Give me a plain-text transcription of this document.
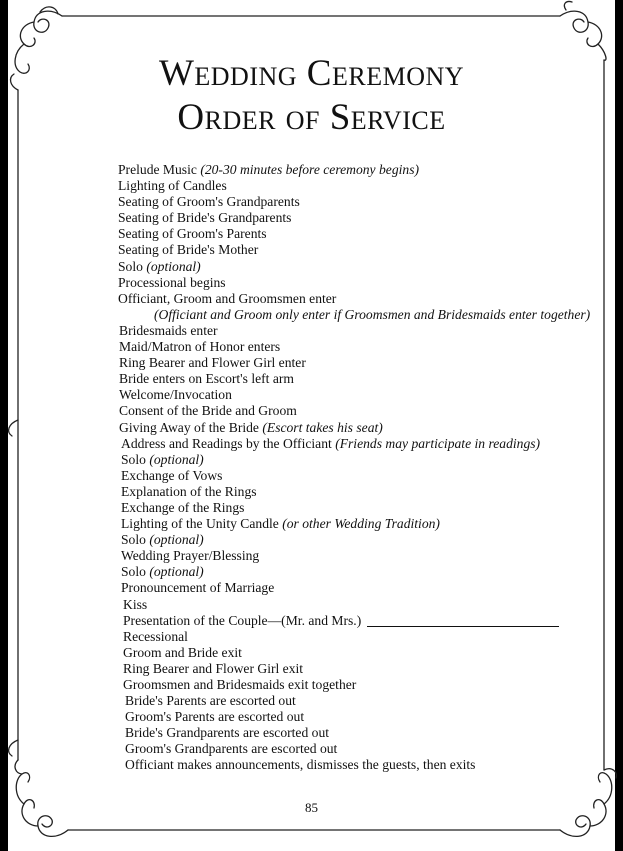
Wedding Ceremony
Order of Service
Prelude Music (20-30 minutes before ceremony begins)
Lighting of Candles
Seating of Groom's Grandparents
Seating of Bride's Grandparents
Seating of Groom's Parents
Seating of Bride's Mother
Solo (optional)
Processional begins
Officiant, Groom and Groomsmen enter
(Officiant and Groom only enter if Groomsmen and Bridesmaids enter together)
Bridesmaids enter
Maid/Matron of Honor enters
Ring Bearer and Flower Girl enter
Bride enters on Escort's left arm
Welcome/Invocation
Consent of the Bride and Groom
Giving Away of the Bride (Escort takes his seat)
Address and Readings by the Officiant (Friends may participate in readings)
Solo (optional)
Exchange of Vows
Explanation of the Rings
Exchange of the Rings
Lighting of the Unity Candle (or other Wedding Tradition)
Solo (optional)
Wedding Prayer/Blessing
Solo (optional)
Pronouncement of Marriage
Kiss
Presentation of the Couple—(Mr. and Mrs.)
Recessional
Groom and Bride exit
Ring Bearer and Flower Girl exit
Groomsmen and Bridesmaids exit together
Bride's Parents are escorted out
Groom's Parents are escorted out
Bride's Grandparents are escorted out
Groom's Grandparents are escorted out
Officiant makes announcements, dismisses the guests, then exits
85
